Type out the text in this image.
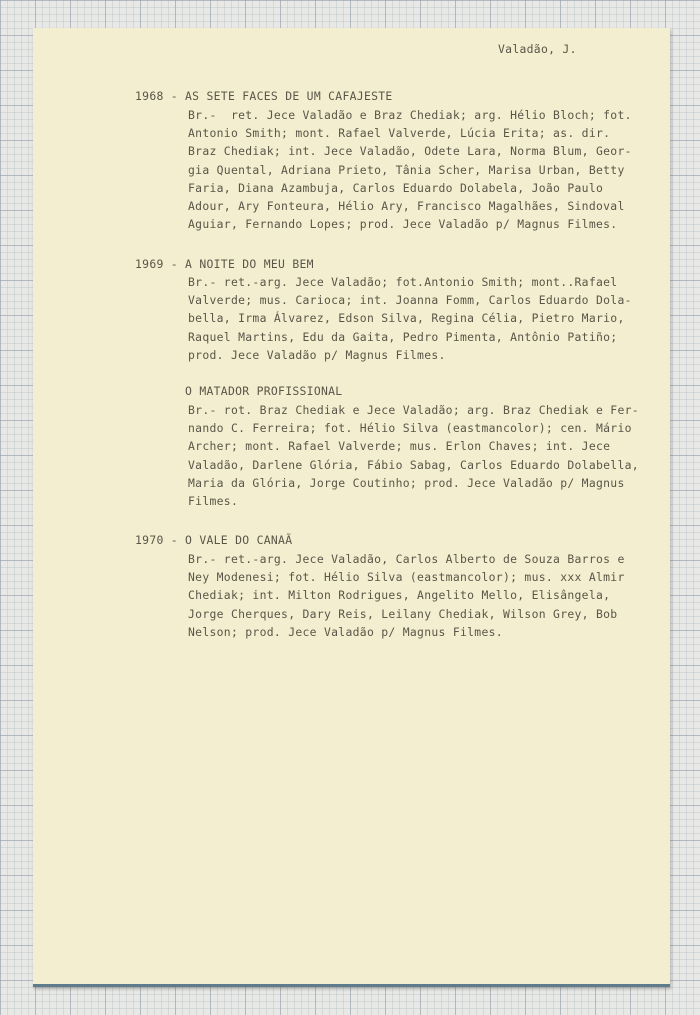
Valadão, J.
1968 - AS SETE FACES DE UM CAFAJESTE
Br.-  ret. Jece Valadão e Braz Chediak; arg. Hélio Bloch; fot.
Antonio Smith; mont. Rafael Valverde, Lúcia Erita; as. dir.
Braz Chediak; int. Jece Valadão, Odete Lara, Norma Blum, Geor-
gia Quental, Adriana Prieto, Tânia Scher, Marisa Urban, Betty
Faria, Diana Azambuja, Carlos Eduardo Dolabela, João Paulo
Adour, Ary Fonteura, Hélio Ary, Francisco Magalhães, Sindoval
Aguiar, Fernando Lopes; prod. Jece Valadão p/ Magnus Filmes.
1969 - A NOITE DO MEU BEM
Br.- ret.-arg. Jece Valadão; fot.Antonio Smith; mont..Rafael
Valverde; mus. Carioca; int. Joanna Fomm, Carlos Eduardo Dola-
bella, Irma Álvarez, Edson Silva, Regina Célia, Pietro Mario,
Raquel Martins, Edu da Gaita, Pedro Pimenta, Antônio Patiño;
prod. Jece Valadão p/ Magnus Filmes.
O MATADOR PROFISSIONAL
Br.- rot. Braz Chediak e Jece Valadão; arg. Braz Chediak e Fer-
nando C. Ferreira; fot. Hélio Silva (eastmancolor); cen. Mário
Archer; mont. Rafael Valverde; mus. Erlon Chaves; int. Jece
Valadão, Darlene Glória, Fábio Sabag, Carlos Eduardo Dolabella,
Maria da Glória, Jorge Coutinho; prod. Jece Valadão p/ Magnus
Filmes.
1970 - O VALE DO CANAÃ
Br.- ret.-arg. Jece Valadão, Carlos Alberto de Souza Barros e
Ney Modenesi; fot. Hélio Silva (eastmancolor); mus. xxx Almir
Chediak; int. Milton Rodrigues, Angelito Mello, Elisângela,
Jorge Cherques, Dary Reis, Leilany Chediak, Wilson Grey, Bob
Nelson; prod. Jece Valadão p/ Magnus Filmes.
